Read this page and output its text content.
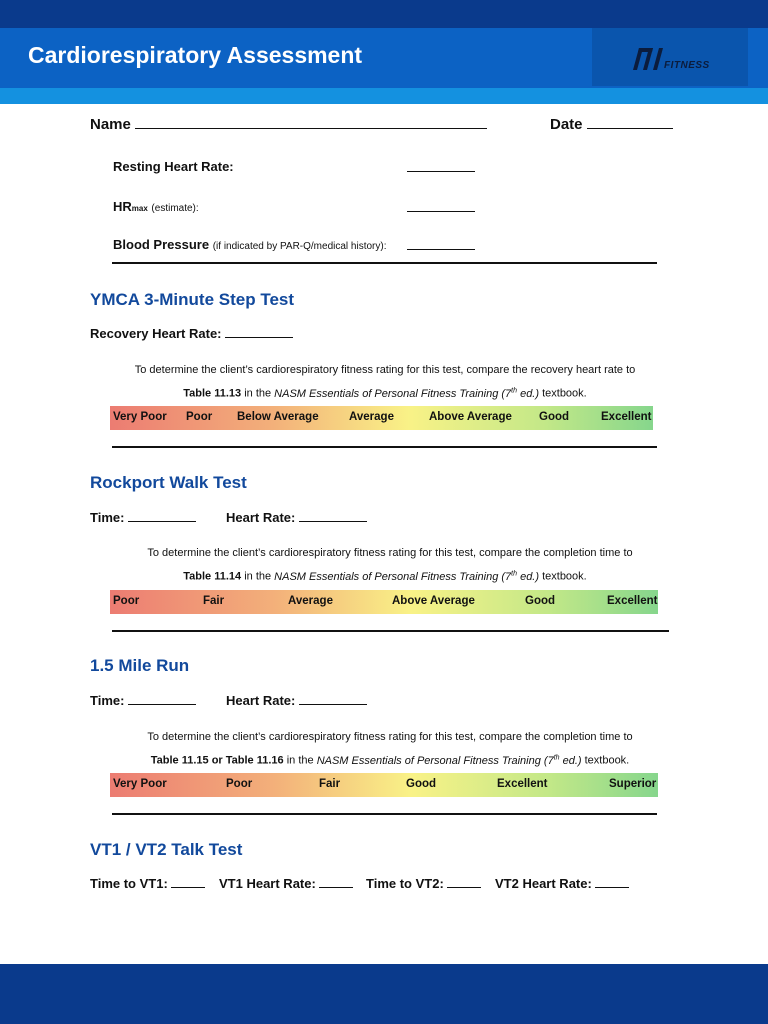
Cardiorespiratory Assessment	FITNESS
Name	Date
Resting Heart Rate:
HRmax (estimate):
Blood Pressure (if indicated by PAR-Q/medical history):
YMCA 3-Minute Step Test
Recovery Heart Rate:
To determine the client’s cardiorespiratory fitness rating for this test, compare the recovery heart rate to
Table 11.13 in the NASM Essentials of Personal Fitness Training (7th ed.) textbook.
Very Poor Poor Below Average	Average	Above Average Good	Excellent
Rockport Walk Test
Time:	Heart Rate:
To determine the client’s cardiorespiratory fitness rating for this test, compare the completion time to
Table 11.14 in the NASM Essentials of Personal Fitness Training (7th ed.) textbook.
Poor	Fair	Average	Above Average	Good	Excellent
1.5 Mile Run
Time:	Heart Rate:
To determine the client’s cardiorespiratory fitness rating for this test, compare the completion time to
Table 11.15 or Table 11.16 in the NASM Essentials of Personal Fitness Training (7th ed.) textbook.
Very Poor	Poor	Fair	Good	Excellent	Superior
VT1 / VT2 Talk Test
Time to VT1:	VT1 Heart Rate:	Time to VT2:	VT2 Heart Rate:
